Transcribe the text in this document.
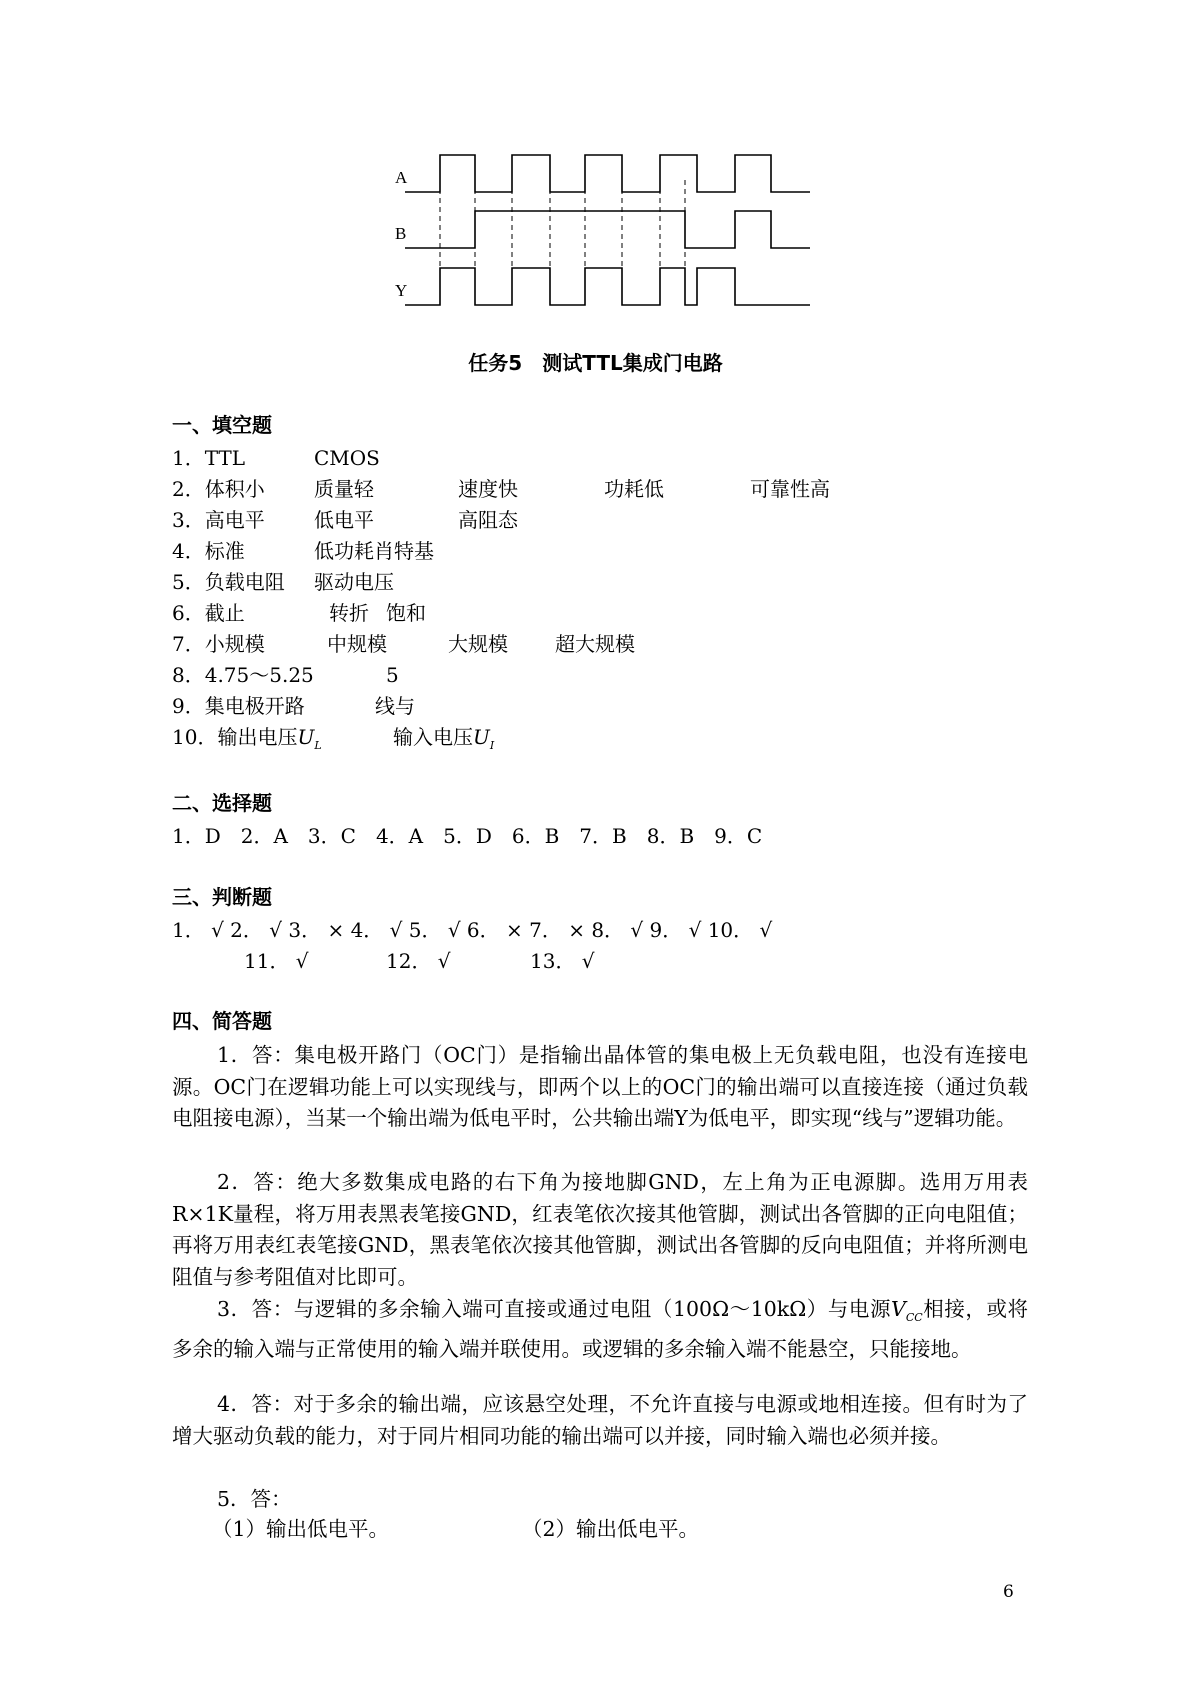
A
B
Y
任务5　测试TTL集成门电路
一、填空题
1．TTL	CMOS
2．体积小 质量轻	速度快	功耗低	可靠性高
3．高电平 低电平	高阻态
4．标准	低功耗肖特基
5．负载电阻 驱动电压
6．截止	转折 饱和
7．小规模	中规模	大规模 超大规模
8．4.75～5.25	5
9．集电极开路	线与
10．输出电压$U_L$	输入电压$U_I$
二、选择题
1．D　2．A　3．C　4．A　5．D　6．B　7．B　8．B　9．C
三、判断题
1． √ 2． √ 3． × 4． √ 5． √ 6． × 7． × 8． √ 9． √ 10． √
11． √	12． √	13． √
四、简答题
1．答：集电极开路门（OC门）是指输出晶体管的集电极上无负载电阻，也没有连接电源。OC门在逻辑功能上可以实现线与，即两个以上的OC门的输出端可以直接连接（通过负载电阻接电源），当某一个输出端为低电平时，公共输出端Y为低电平，即实现“线与”逻辑功能。
2．答：绝大多数集成电路的右下角为接地脚GND，左上角为正电源脚。选用万用表R×1K量程，将万用表黑表笔接GND，红表笔依次接其他管脚，测试出各管脚的正向电阻值；再将万用表红表笔接GND，黑表笔依次接其他管脚，测试出各管脚的反向电阻值；并将所测电阻值与参考阻值对比即可。
3．答：与逻辑的多余输入端可直接或通过电阻（100Ω～10kΩ）与电源$V_{CC}$相接，或将多余的输入端与正常使用的输入端并联使用。或逻辑的多余输入端不能悬空，只能接地。
4．答：对于多余的输出端，应该悬空处理，不允许直接与电源或地相连接。但有时为了增大驱动负载的能力，对于同片相同功能的输出端可以并接，同时输入端也必须并接。
5．答：
（1）输出低电平。	（2）输出低电平。
6
